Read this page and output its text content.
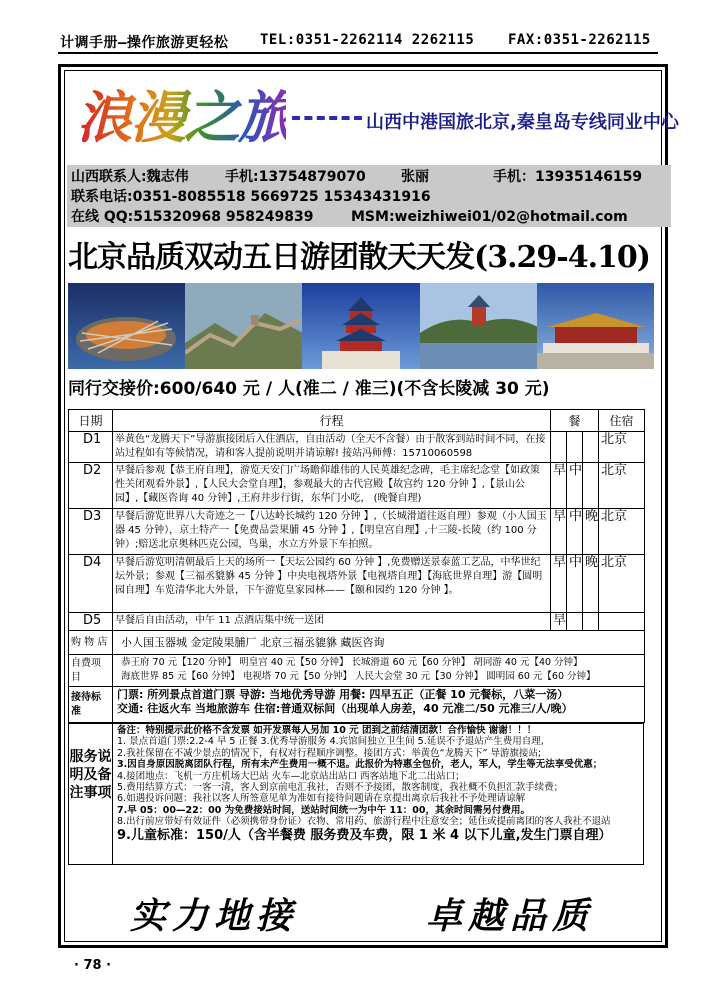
计调手册—操作旅游更轻松 TEL:0351-2262114 2262115 FAX:0351-2262115
浪漫之旅	山西中港国旅北京,秦皇岛专线同业中心
山西联系人:魏志伟	手机:13754879070	张丽	手机：13935146159
联系电话:0351-8085518 5669725 15343431916
在线 QQ:515320968 958249839	MSM:weizhiwei01/02@hotmail.com
北京品质双动五日游团散天天发(3.29-4.10)
同行交接价:600/640 元 / 人(准二 / 准三)(不含长陵减 30 元)
日期	行程	餐			住宿
D1	举黄色“龙腾天下”导游旗接团后入住酒店，自由活动（全天不含餐）由于散客到站时间不同，在接站过程如有等候情况，请和客人提前说明并请谅解! 接站冯师傅：15710060598				北京
D2	早餐后参观【恭王府自理】，游览天安门广场瞻仰雄伟的人民英雄纪念碑，毛主席纪念堂【如政策性关闭观看外景】,【人民大会堂自理】，参观最大的古代宫殿【故宫约 120 分钟 】,【景山公园】,【藏医咨询 40 分钟】,王府井步行街，东华门小吃， (晚餐自理)	早	中		北京
D3	早餐后游览世界八大奇迹之一【八达岭长城约 120 分钟 】,（长城滑道往返自理）参观（小人国玉器 45 分钟），京土特产一【免费品尝果脯 45 分钟 】,【明皇宫自理】,十三陵-长陵（约 100 分钟）;赔送北京奥林匹克公园，鸟巢，水立方外景下车拍照。	早	中	晚	北京
D4	早餐后游览明清朝最后上天的场所一【天坛公园约 60 分钟 】,免费赠送景泰蓝工艺品，中华世纪坛外景；参观【三福丞貔貅 45 分钟 】中央电视塔外景【电视塔自理】【海底世界自理】游【圆明园自理】车览清华北大外景，下午游览皇家园林——【颐和园约 120 分钟 】。	早	中	晚	北京
D5	早餐后自由活动，中午 11 点酒店集中统一送团	早			
购 物 店	小人国玉器城 金定陵果脯厂 北京三福丞貔貅 藏医咨询				
自费项目	恭王府 70 元【120 分钟】 明皇宫 40 元【50 分钟】 长城滑道 60 元【60 分钟】 胡同游 40 元【40 分钟】
海底世界 85 元【60 分钟】 电视塔 70 元【50 分钟】 人民大会堂 30 元【30 分钟】 圆明园 60 元【60 分钟】				

接待标准	门票: 所列景点首道门票 导游: 当地优秀导游 用餐: 四早五正（正餐 10 元餐标，八菜一汤）
交通: 往返火车 当地旅游车 住宿:普通双标间（出现单人房差，40 元准二/50 元准三/人/晚）				
服务说明及备注事项
备注：特别提示此价格不含发票 如开发票每人另加 10 元 团到之前结清团款！合作愉快 谢谢！！！
1. 景点首道门票:2.2-4 早 5 正餐 3.优秀导游服务 4.宾馆间独立卫生间 5.延误不予退站产生费用自理,
2.我社保留在不减少景点的情况下，有权对行程顺序调整。接团方式：举黄色“龙腾天下” 导游旗接站;
3.因自身原因脱离团队行程，所有未产生费用一概不退。此报价为特惠全包价，老人，军人，学生等无法享受优惠；
4.接团地点：飞机一方庄机场大巴站 火车—北京站出站口 西客站地下北二出站口；
5.费用结算方式：一客一清，客人到京前电汇我社，否则不予接团，散客制度，我社概不负担汇款手续费；
6.如遇投诉问题：我社以客人所签意见单为准如有接待问题请在京提出离京后我社不予处理请谅解
7.早 05：00—22：00 为免费接站时间，送站时间统一为中午 11：00，其余时间需另付费用。
8.出行前应带好有效证件（必须携带身份证）衣物、常用药、旅游行程中注意安全；延住或提前离团的客人我社不退站
9.儿童标准：150/人（含半餐费 服务费及车费，限 1 米 4 以下儿童,发生门票自理）
实力地接	卓越品质
· 78 ·
